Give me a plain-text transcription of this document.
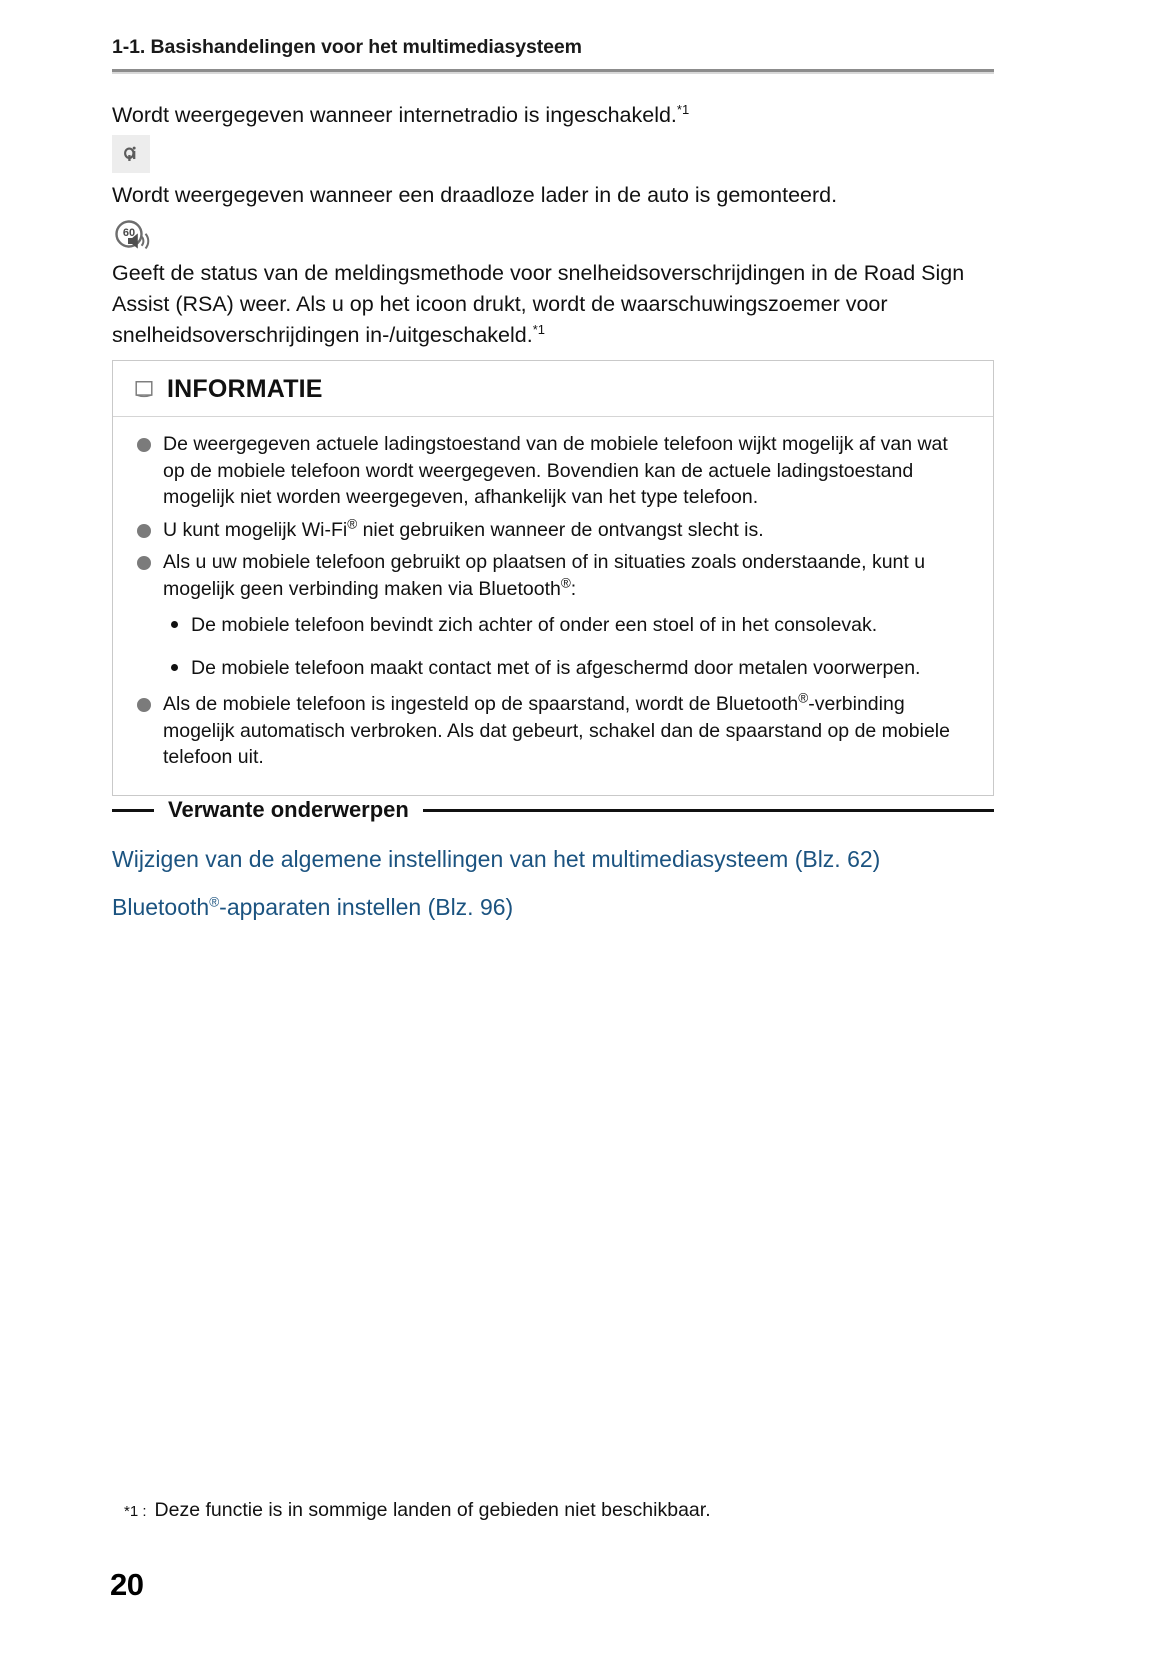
1-1. Basishandelingen voor het multimediasysteem

Wordt weergegeven wanneer internetradio is ingeschakeld.$^{*1}$

Wordt weergegeven wanneer een draadloze lader in de auto is gemonteerd.

60

Geeft de status van de meldingsmethode voor snelheidsoverschrijdingen in de Road Sign Assist (RSA) weer. Als u op het icoon drukt, wordt de waarschuwingszoemer voor snelheidsoverschrijdingen in-/uitgeschakeld.$^{*1}$

INFORMATIE
De weergegeven actuele ladingstoestand van de mobiele telefoon wijkt mogelijk af van wat op de mobiele telefoon wordt weergegeven. Bovendien kan de actuele ladingstoestand mogelijk niet worden weergegeven, afhankelijk van het type telefoon.
U kunt mogelijk Wi-Fi® niet gebruiken wanneer de ontvangst slecht is.
Als u uw mobiele telefoon gebruikt op plaatsen of in situaties zoals onderstaande, kunt u mogelijk geen verbinding maken via Bluetooth®:
De mobiele telefoon bevindt zich achter of onder een stoel of in het consolevak.
De mobiele telefoon maakt contact met of is afgeschermd door metalen voorwerpen.
Als de mobiele telefoon is ingesteld op de spaarstand, wordt de Bluetooth®-verbinding mogelijk automatisch verbroken. Als dat gebeurt, schakel dan de spaarstand op de mobiele telefoon uit.
Verwante onderwerpen
Wijzigen van de algemene instellingen van het multimediasysteem (Blz. 62)
Bluetooth®-apparaten instellen (Blz. 96)
*1 : Deze functie is in sommige landen of gebieden niet beschikbaar.
20
